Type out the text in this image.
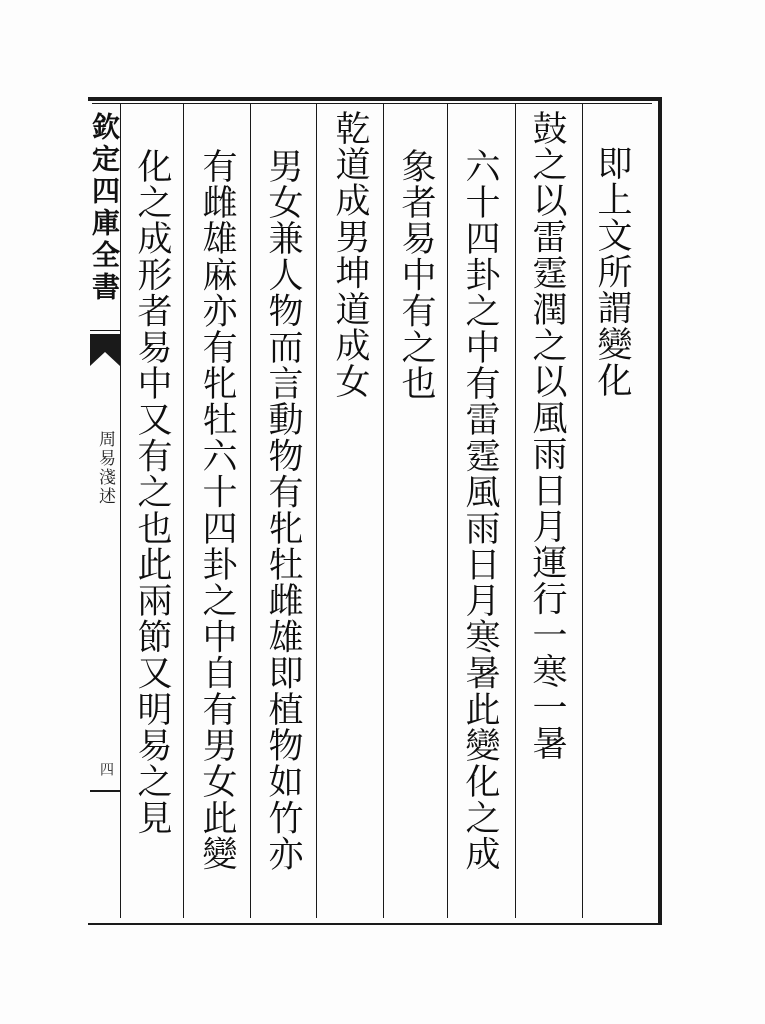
欽定四庫全書
周易淺述
四
即上文所謂變化
鼓之以雷霆潤之以風雨日月運行一寒一暑
六十四卦之中有雷霆風雨日月寒暑此變化之成
象者易中有之也
乾道成男坤道成女
男女兼人物而言動物有牝牡雌雄即植物如竹亦
有雌雄麻亦有牝牡六十四卦之中自有男女此變
化之成形者易中又有之也此兩節又明易之見
